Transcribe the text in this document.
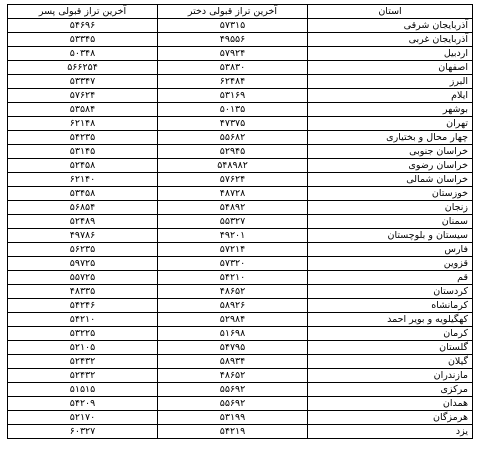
استان	آخرین تراز قبولی دختر	آخرین تراز قبولی پسر
آذربایجان شرقی	۵۷۳۱۵	۵۴۶۹۶
آذربایجان غربی	۴۹۵۵۶	۵۳۳۴۵
اردبیل	۵۷۹۲۴	۵۰۳۴۸
اصفهان	۵۳۸۳۰	۵۶۶۲۵۴
البرز	۶۲۴۸۴	۵۳۳۴۷
ایلام	۵۳۱۶۹	۵۷۶۲۴
بوشهر	۵۰۱۳۵	۵۳۵۸۴
تهران	۴۷۳۷۵	۶۲۱۴۸
چهار محال و بختیاری	۵۵۶۸۲	۵۴۲۳۵
خراسان جنوبی	۵۲۹۴۵	۵۳۱۴۵
خراسان رضوی	۵۴۸۹۸۲	۵۲۴۵۸
خراسان شمالی	۵۷۶۲۴	۶۲۱۴۰
خوزستان	۴۸۷۲۸	۵۳۴۵۸
زنجان	۵۴۸۹۲	۵۶۸۵۴
سمنان	۵۵۳۲۷	۵۲۴۸۹
سیستان و بلوچستان	۴۹۲۰۱	۴۹۷۸۶
فارس	۵۷۲۱۴	۵۶۲۳۵
قزوین	۵۷۳۲۰	۵۹۷۲۵
قم	۵۴۲۱۰	۵۵۷۲۵
کردستان	۴۸۶۵۲	۴۸۳۳۵
کرمانشاه	۵۸۹۲۶	۵۴۲۴۶
کهگیلویه و بویر احمد	۵۲۹۸۴	۵۴۲۱۰
کرمان	۵۱۶۹۸	۵۳۲۲۵
گلستان	۵۴۷۹۵	۵۲۱۰۵
گیلان	۵۸۹۳۴	۵۲۴۳۲
مازندران	۴۸۶۵۲	۵۲۴۳۲
مرکزی	۵۵۶۹۲	۵۱۵۱۵
همدان	۵۵۶۹۲	۵۴۲۰۹
هرمزگان	۵۳۱۹۹	۵۲۱۷۰
یزد	۵۴۲۱۹	۶۰۳۲۷
